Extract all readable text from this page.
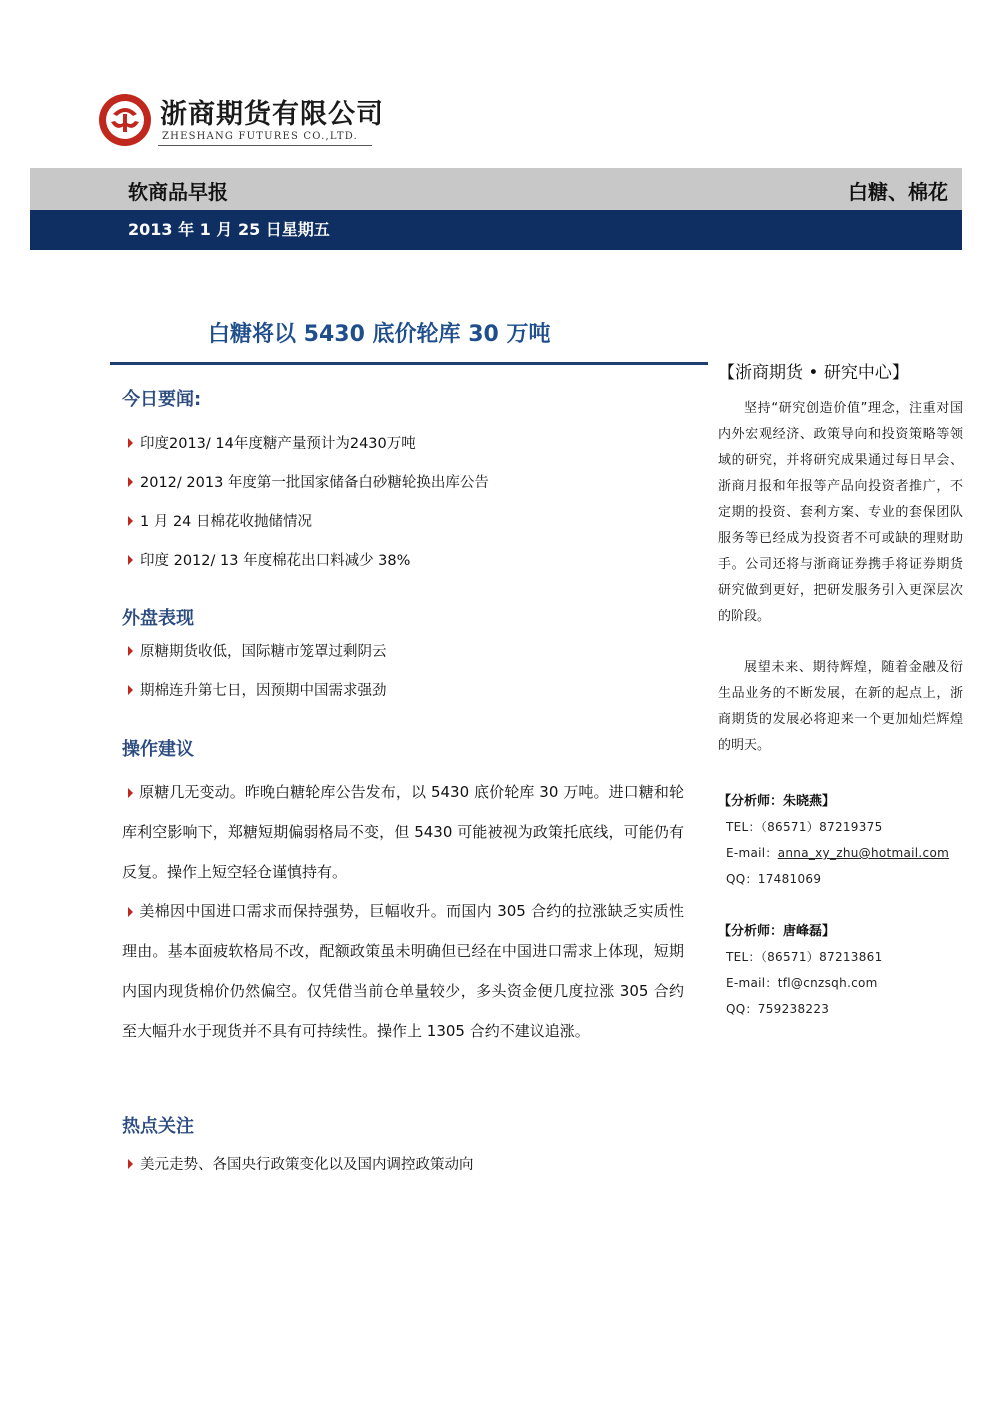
浙商期货有限公司
ZHESHANG FUTURES CO.,LTD.
软商品早报	白糖、棉花
2013 年 1 月 25 日星期五
白糖将以 5430 底价轮库 30 万吨
今日要闻:
印度2013/ 14年度糖产量预计为2430万吨
2012/ 2013 年度第一批国家储备白砂糖轮换出库公告
1 月 24 日棉花收抛储情况
印度 2012/ 13 年度棉花出口料减少 38%
外盘表现
原糖期货收低，国际糖市笼罩过剩阴云
期棉连升第七日，因预期中国需求强劲
操作建议
原糖几无变动。昨晚白糖轮库公告发布，以 5430 底价轮库 30 万吨。进口糖和轮库利空影响下，郑糖短期偏弱格局不变，但 5430 可能被视为政策托底线，可能仍有反复。操作上短空轻仓谨慎持有。
美棉因中国进口需求而保持强势，巨幅收升。而国内 305 合约的拉涨缺乏实质性理由。基本面疲软格局不改，配额政策虽未明确但已经在中国进口需求上体现，短期内国内现货棉价仍然偏空。仅凭借当前仓单量较少，多头资金便几度拉涨 305 合约至大幅升水于现货并不具有可持续性。操作上 1305 合约不建议追涨。
热点关注
美元走势、各国央行政策变化以及国内调控政策动向
【浙商期货 • 研究中心】
坚持“研究创造价值”理念，注重对国内外宏观经济、政策导向和投资策略等领域的研究，并将研究成果通过每日早会、浙商月报和年报等产品向投资者推广，不定期的投资、套利方案、专业的套保团队服务等已经成为投资者不可或缺的理财助手。公司还将与浙商证券携手将证券期货研究做到更好，把研发服务引入更深层次的阶段。
展望未来、期待辉煌，随着金融及衍生品业务的不断发展，在新的起点上，浙商期货的发展必将迎来一个更加灿烂辉煌的明天。
【分析师：朱晓燕】
TEL：（86571）87219375
E-mail：anna_xy_zhu@hotmail.com
QQ：17481069
【分析师：唐峰磊】
TEL：（86571）87213861
E-mail：tfl@cnzsqh.com
QQ：759238223
